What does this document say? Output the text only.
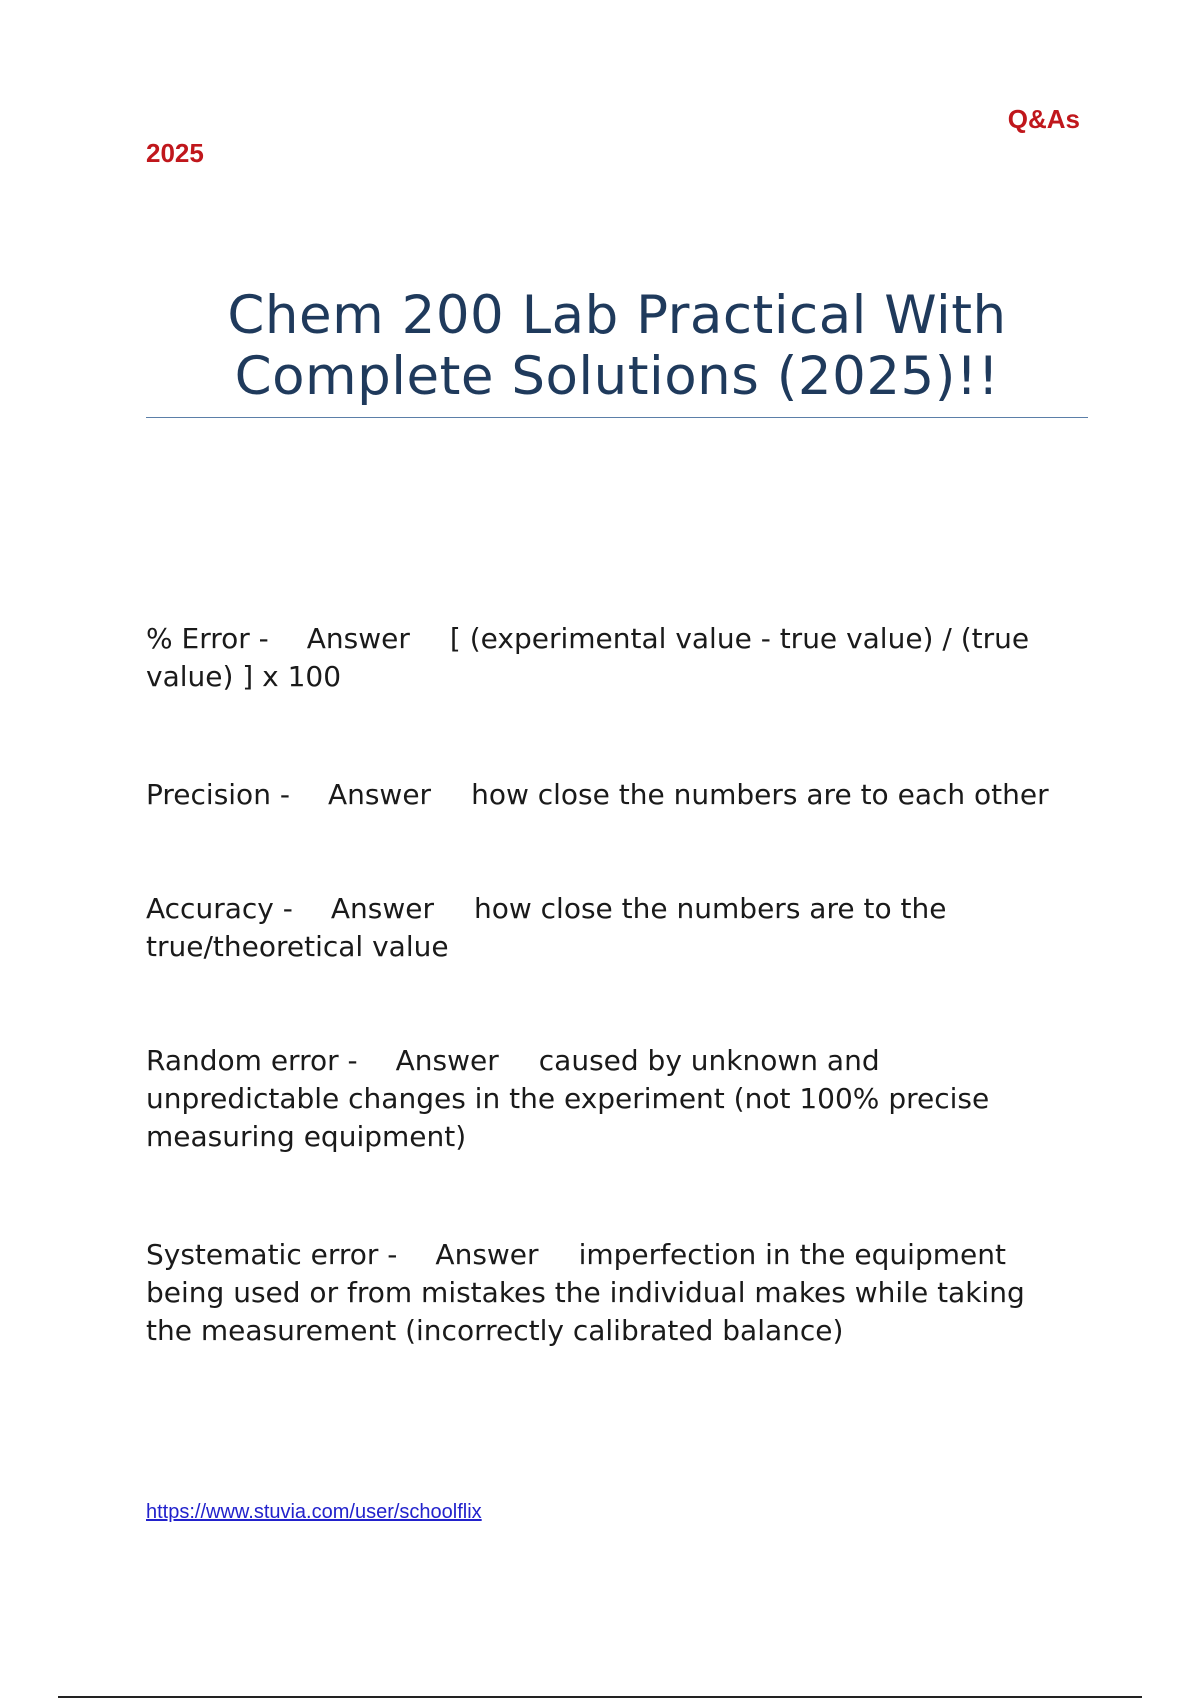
Q&As
2025
Chem 200 Lab Practical With
Complete Solutions (2025)!!
% Error - Answer [ (experimental value - true value) / (true value) ] x 100
Precision - Answer how close the numbers are to each other
Accuracy - Answer how close the numbers are to the true/theoretical value
Random error - Answer caused by unknown and unpredictable changes in the experiment (not 100% precise measuring equipment)
Systematic error - Answer imperfection in the equipment being used or from mistakes the individual makes while taking the measurement (incorrectly calibrated balance)
https://www.stuvia.com/user/schoolflix
